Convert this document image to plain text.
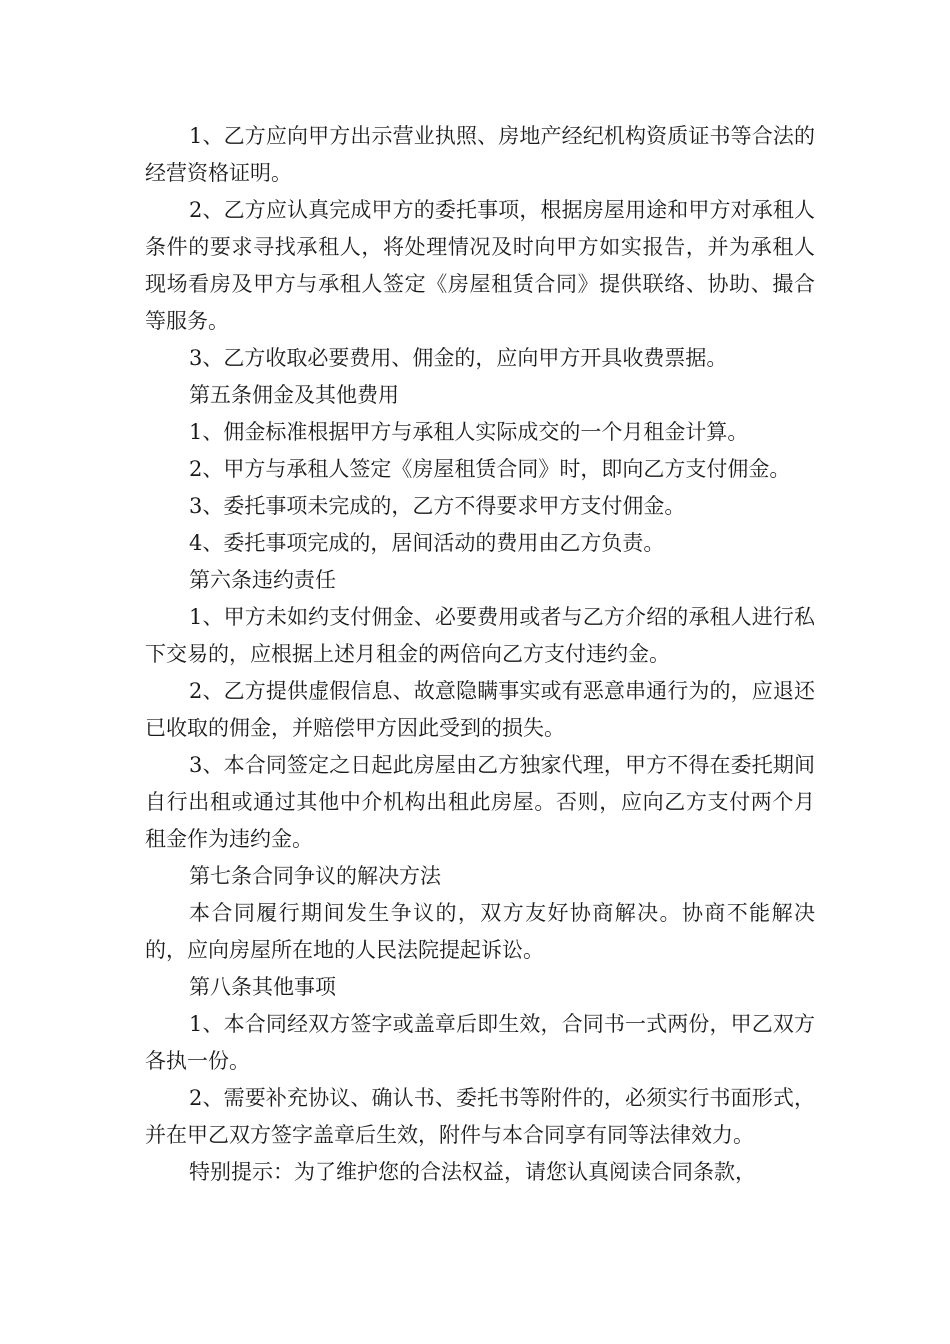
1、乙方应向甲方出示营业执照、房地产经纪机构资质证书等合法的经营资格证明。

2、乙方应认真完成甲方的委托事项，根据房屋用途和甲方对承租人条件的要求寻找承租人，将处理情况及时向甲方如实报告，并为承租人现场看房及甲方与承租人签定《房屋租赁合同》提供联络、协助、撮合等服务。

3、乙方收取必要费用、佣金的，应向甲方开具收费票据。

第五条佣金及其他费用

1、佣金标准根据甲方与承租人实际成交的一个月租金计算。

2、甲方与承租人签定《房屋租赁合同》时，即向乙方支付佣金。

3、委托事项未完成的，乙方不得要求甲方支付佣金。

4、委托事项完成的，居间活动的费用由乙方负责。

第六条违约责任

1、甲方未如约支付佣金、必要费用或者与乙方介绍的承租人进行私下交易的，应根据上述月租金的两倍向乙方支付违约金。

2、乙方提供虚假信息、故意隐瞒事实或有恶意串通行为的，应退还已收取的佣金，并赔偿甲方因此受到的损失。

3、本合同签定之日起此房屋由乙方独家代理，甲方不得在委托期间自行出租或通过其他中介机构出租此房屋。否则，应向乙方支付两个月租金作为违约金。

第七条合同争议的解决方法

本合同履行期间发生争议的，双方友好协商解决。协商不能解决的，应向房屋所在地的人民法院提起诉讼。

第八条其他事项

1、本合同经双方签字或盖章后即生效，合同书一式两份，甲乙双方各执一份。

2、需要补充协议、确认书、委托书等附件的，必须实行书面形式，并在甲乙双方签字盖章后生效，附件与本合同享有同等法律效力。

特别提示：为了维护您的合法权益，请您认真阅读合同条款，
